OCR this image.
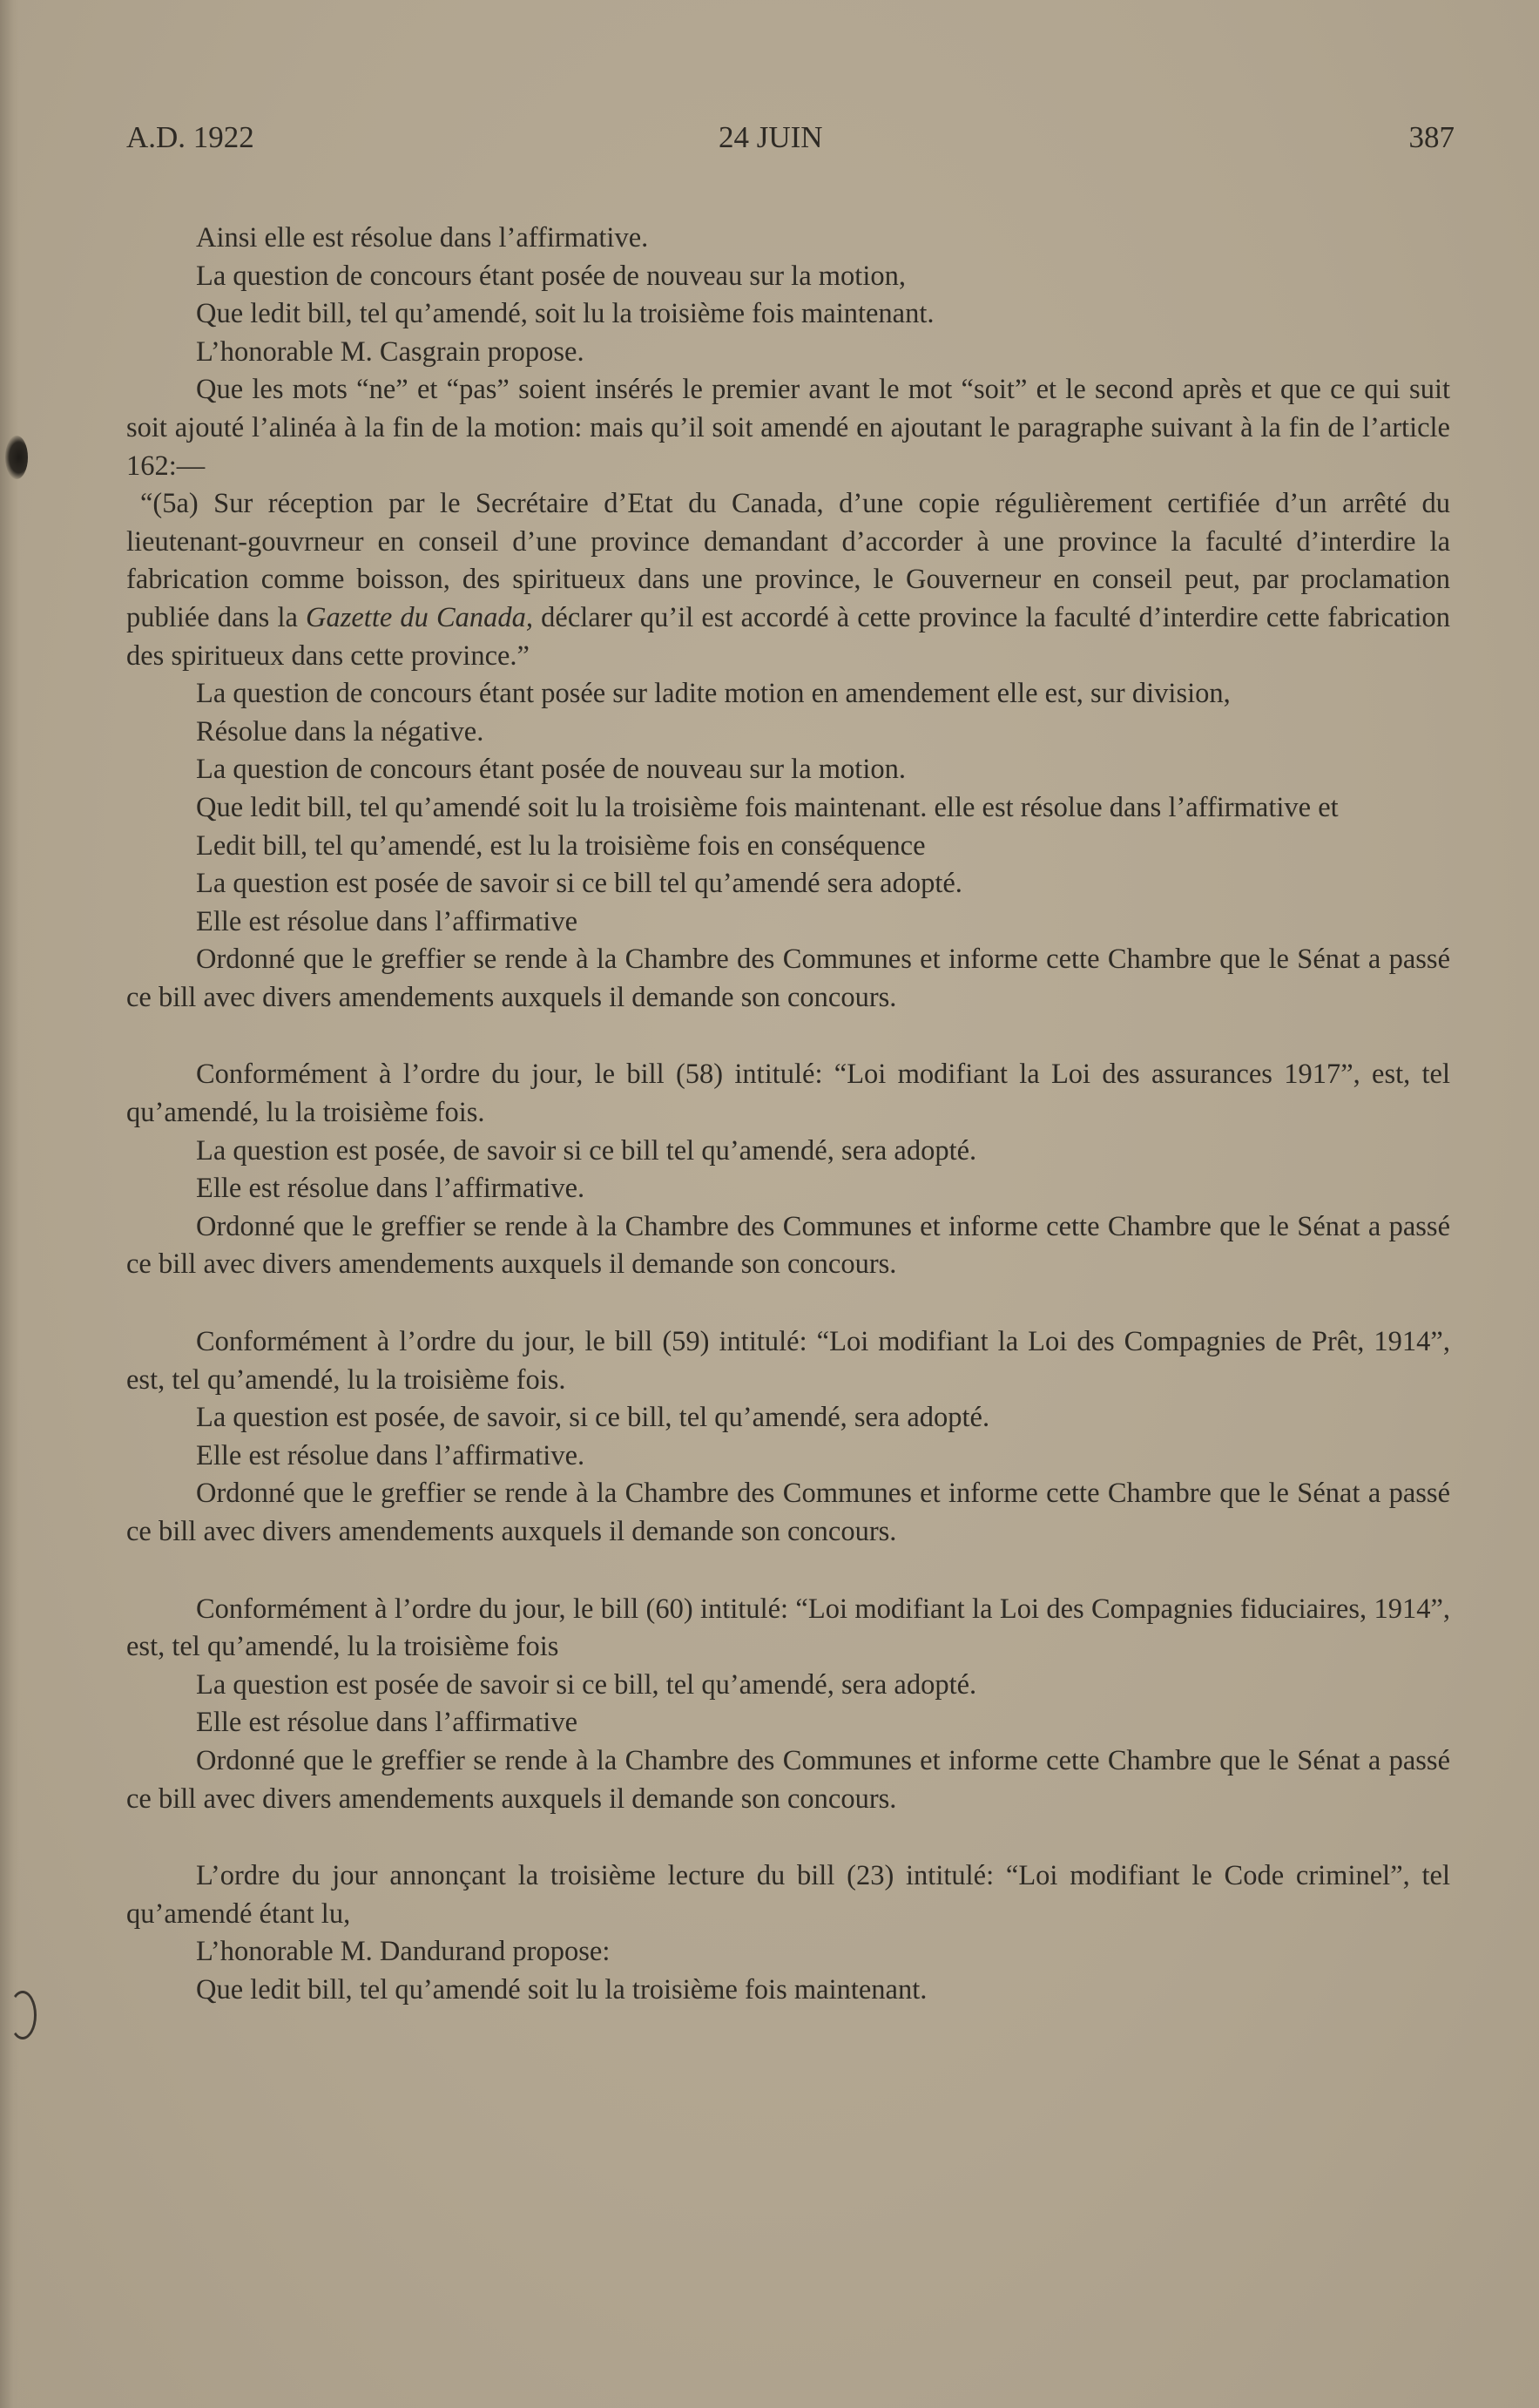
A.D. 1922	24 JUIN	387

Ainsi elle est résolue dans l’affirmative.

La question de concours étant posée de nouveau sur la motion,

Que ledit bill, tel qu’amendé, soit lu la troisième fois maintenant.

L’honorable M. Casgrain propose.

Que les mots “ne” et “pas” soient insérés le premier avant le mot “soit” et le second après et que ce qui suit soit ajouté l’alinéa à la fin de la motion: mais qu’il soit amendé en ajoutant le paragraphe suivant à la fin de l’article 162:—

“(5a) Sur réception par le Secrétaire d’Etat du Canada, d’une copie régulièrement certifiée d’un arrêté du lieutenant-gouvrneur en conseil d’une province demandant d’accorder à une province la faculté d’interdire la fabrication comme boisson, des spiritueux dans une province, le Gouverneur en conseil peut, par proclamation publiée dans la Gazette du Canada, déclarer qu’il est accordé à cette province la faculté d’interdire cette fabrication des spiritueux dans cette province.”

La question de concours étant posée sur ladite motion en amendement elle est, sur division,

Résolue dans la négative.

La question de concours étant posée de nouveau sur la motion.

Que ledit bill, tel qu’amendé soit lu la troisième fois maintenant. elle est résolue dans l’affirmative et

Ledit bill, tel qu’amendé, est lu la troisième fois en conséquence

La question est posée de savoir si ce bill tel qu’amendé sera adopté.

Elle est résolue dans l’affirmative

Ordonné que le greffier se rende à la Chambre des Communes et informe cette Chambre que le Sénat a passé ce bill avec divers amendements auxquels il demande son concours.

Conformément à l’ordre du jour, le bill (58) intitulé: “Loi modifiant la Loi des assurances 1917”, est, tel qu’amendé, lu la troisième fois.

La question est posée, de savoir si ce bill tel qu’amendé, sera adopté.

Elle est résolue dans l’affirmative.

Ordonné que le greffier se rende à la Chambre des Communes et informe cette Chambre que le Sénat a passé ce bill avec divers amendements auxquels il demande son concours.

Conformément à l’ordre du jour, le bill (59) intitulé: “Loi modifiant la Loi des Compagnies de Prêt, 1914”, est, tel qu’amendé, lu la troisième fois.

La question est posée, de savoir, si ce bill, tel qu’amendé, sera adopté.

Elle est résolue dans l’affirmative.

Ordonné que le greffier se rende à la Chambre des Communes et informe cette Chambre que le Sénat a passé ce bill avec divers amendements auxquels il demande son concours.

Conformément à l’ordre du jour, le bill (60) intitulé: “Loi modifiant la Loi des Compagnies fiduciaires, 1914”, est, tel qu’amendé, lu la troisième fois

La question est posée de savoir si ce bill, tel qu’amendé, sera adopté.

Elle est résolue dans l’affirmative

Ordonné que le greffier se rende à la Chambre des Communes et informe cette Chambre que le Sénat a passé ce bill avec divers amendements auxquels il demande son concours.

L’ordre du jour annonçant la troisième lecture du bill (23) intitulé: “Loi modifiant le Code criminel”, tel qu’amendé étant lu,

L’honorable M. Dandurand propose:

Que ledit bill, tel qu’amendé soit lu la troisième fois maintenant.
